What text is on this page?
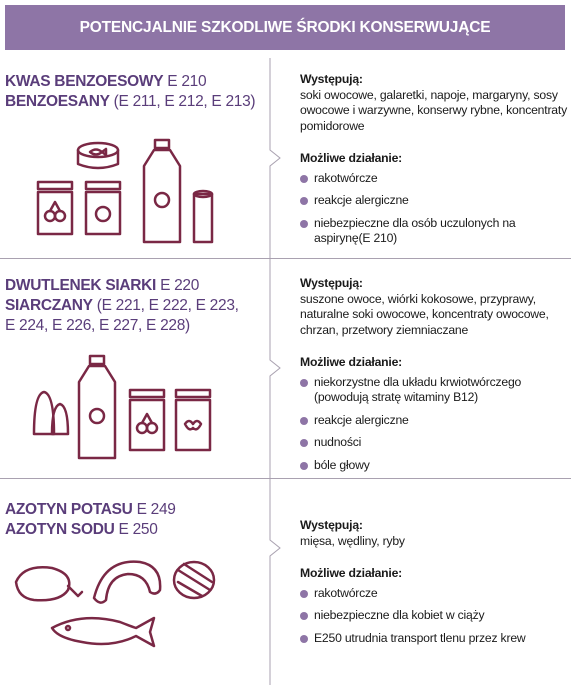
POTENCJALNIE SZKODLIWE ŚRODKI KONSERWUJĄCE
KWAS BENZOESOWY E 210
BENZOESANY (E 211, E 212, E 213)
Występują:
soki owocowe, galaretki, napoje, margaryny, sosy owocowe i warzywne, konserwy rybne, koncentraty pomidorowe
Możliwe działanie:
rakotwórcze
reakcje alergiczne
niebezpieczne dla osób uczulonych na aspirynę(E 210)
DWUTLENEK SIARKI E 220
SIARCZANY (E 221, E 222, E 223,
E 224, E 226, E 227, E 228)
Występują:
suszone owoce, wiórki kokosowe, przyprawy, naturalne soki owocowe, koncentraty owocowe, chrzan, przetwory ziemniaczane
Możliwe działanie:
niekorzystne dla układu krwiotwórczego (powodują stratę witaminy B12)
reakcje alergiczne
nudności
bóle głowy
AZOTYN POTASU E 249
AZOTYN SODU E 250	Występują:
mięsa, wędliny, ryby
Możliwe działanie:
rakotwórcze
niebezpieczne dla kobiet w ciąży
E250 utrudnia transport tlenu przez krew
